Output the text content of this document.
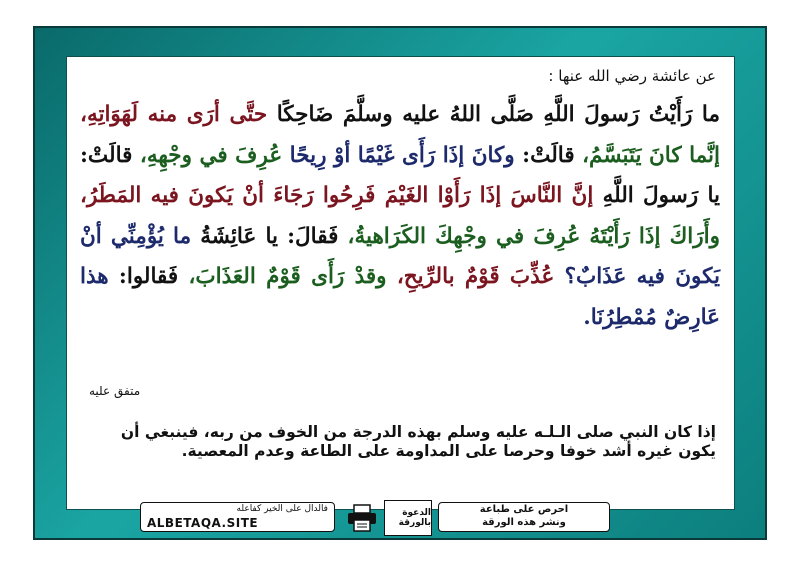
عن عائشة رضي الله عنها :
ما رَأَيْتُ رَسولَ اللَّهِ صَلَّى اللهُ عليه وسلَّمَ ضَاحِكًا حتَّى أرَى منه لَهَوَاتِهِ، إنَّما كانَ يَتَبَسَّمُ، قالَتْ: وكانَ إذَا رَأَى غَيْمًا أوْ رِيحًا عُرِفَ في وجْهِهِ، قالَتْ: يا رَسولَ اللَّهِ إنَّ النَّاسَ إذَا رَأَوْا الغَيْمَ فَرِحُوا رَجَاءَ أنْ يَكونَ فيه المَطَرُ، وأَرَاكَ إذَا رَأَيْتَهُ عُرِفَ في وجْهِكَ الكَرَاهيةُ، فَقالَ: يا عَائِشَةُ ما يُؤْمِنِّي أنْ يَكونَ فيه عَذَابٌ؟ عُذِّبَ قَوْمٌ بالرِّيحِ، وقدْ رَأَى قَوْمٌ العَذَابَ، فَقالوا: هذا عَارِضٌ مُمْطِرُنَا.
متفق عليه
إذا كان النبي صلى الـلـه عليه وسلم بهذه الدرجة من الخوف من ربه، فينبغي أن يكون غيره أشد خوفا وحرصا على المداومة على الطاعة وعدم المعصية.
فالدال على الخير كفاعله
ALBETAQA.SITE
الدعوة بالورقة
احرص على طباعة
ونشر هذه الورقة
